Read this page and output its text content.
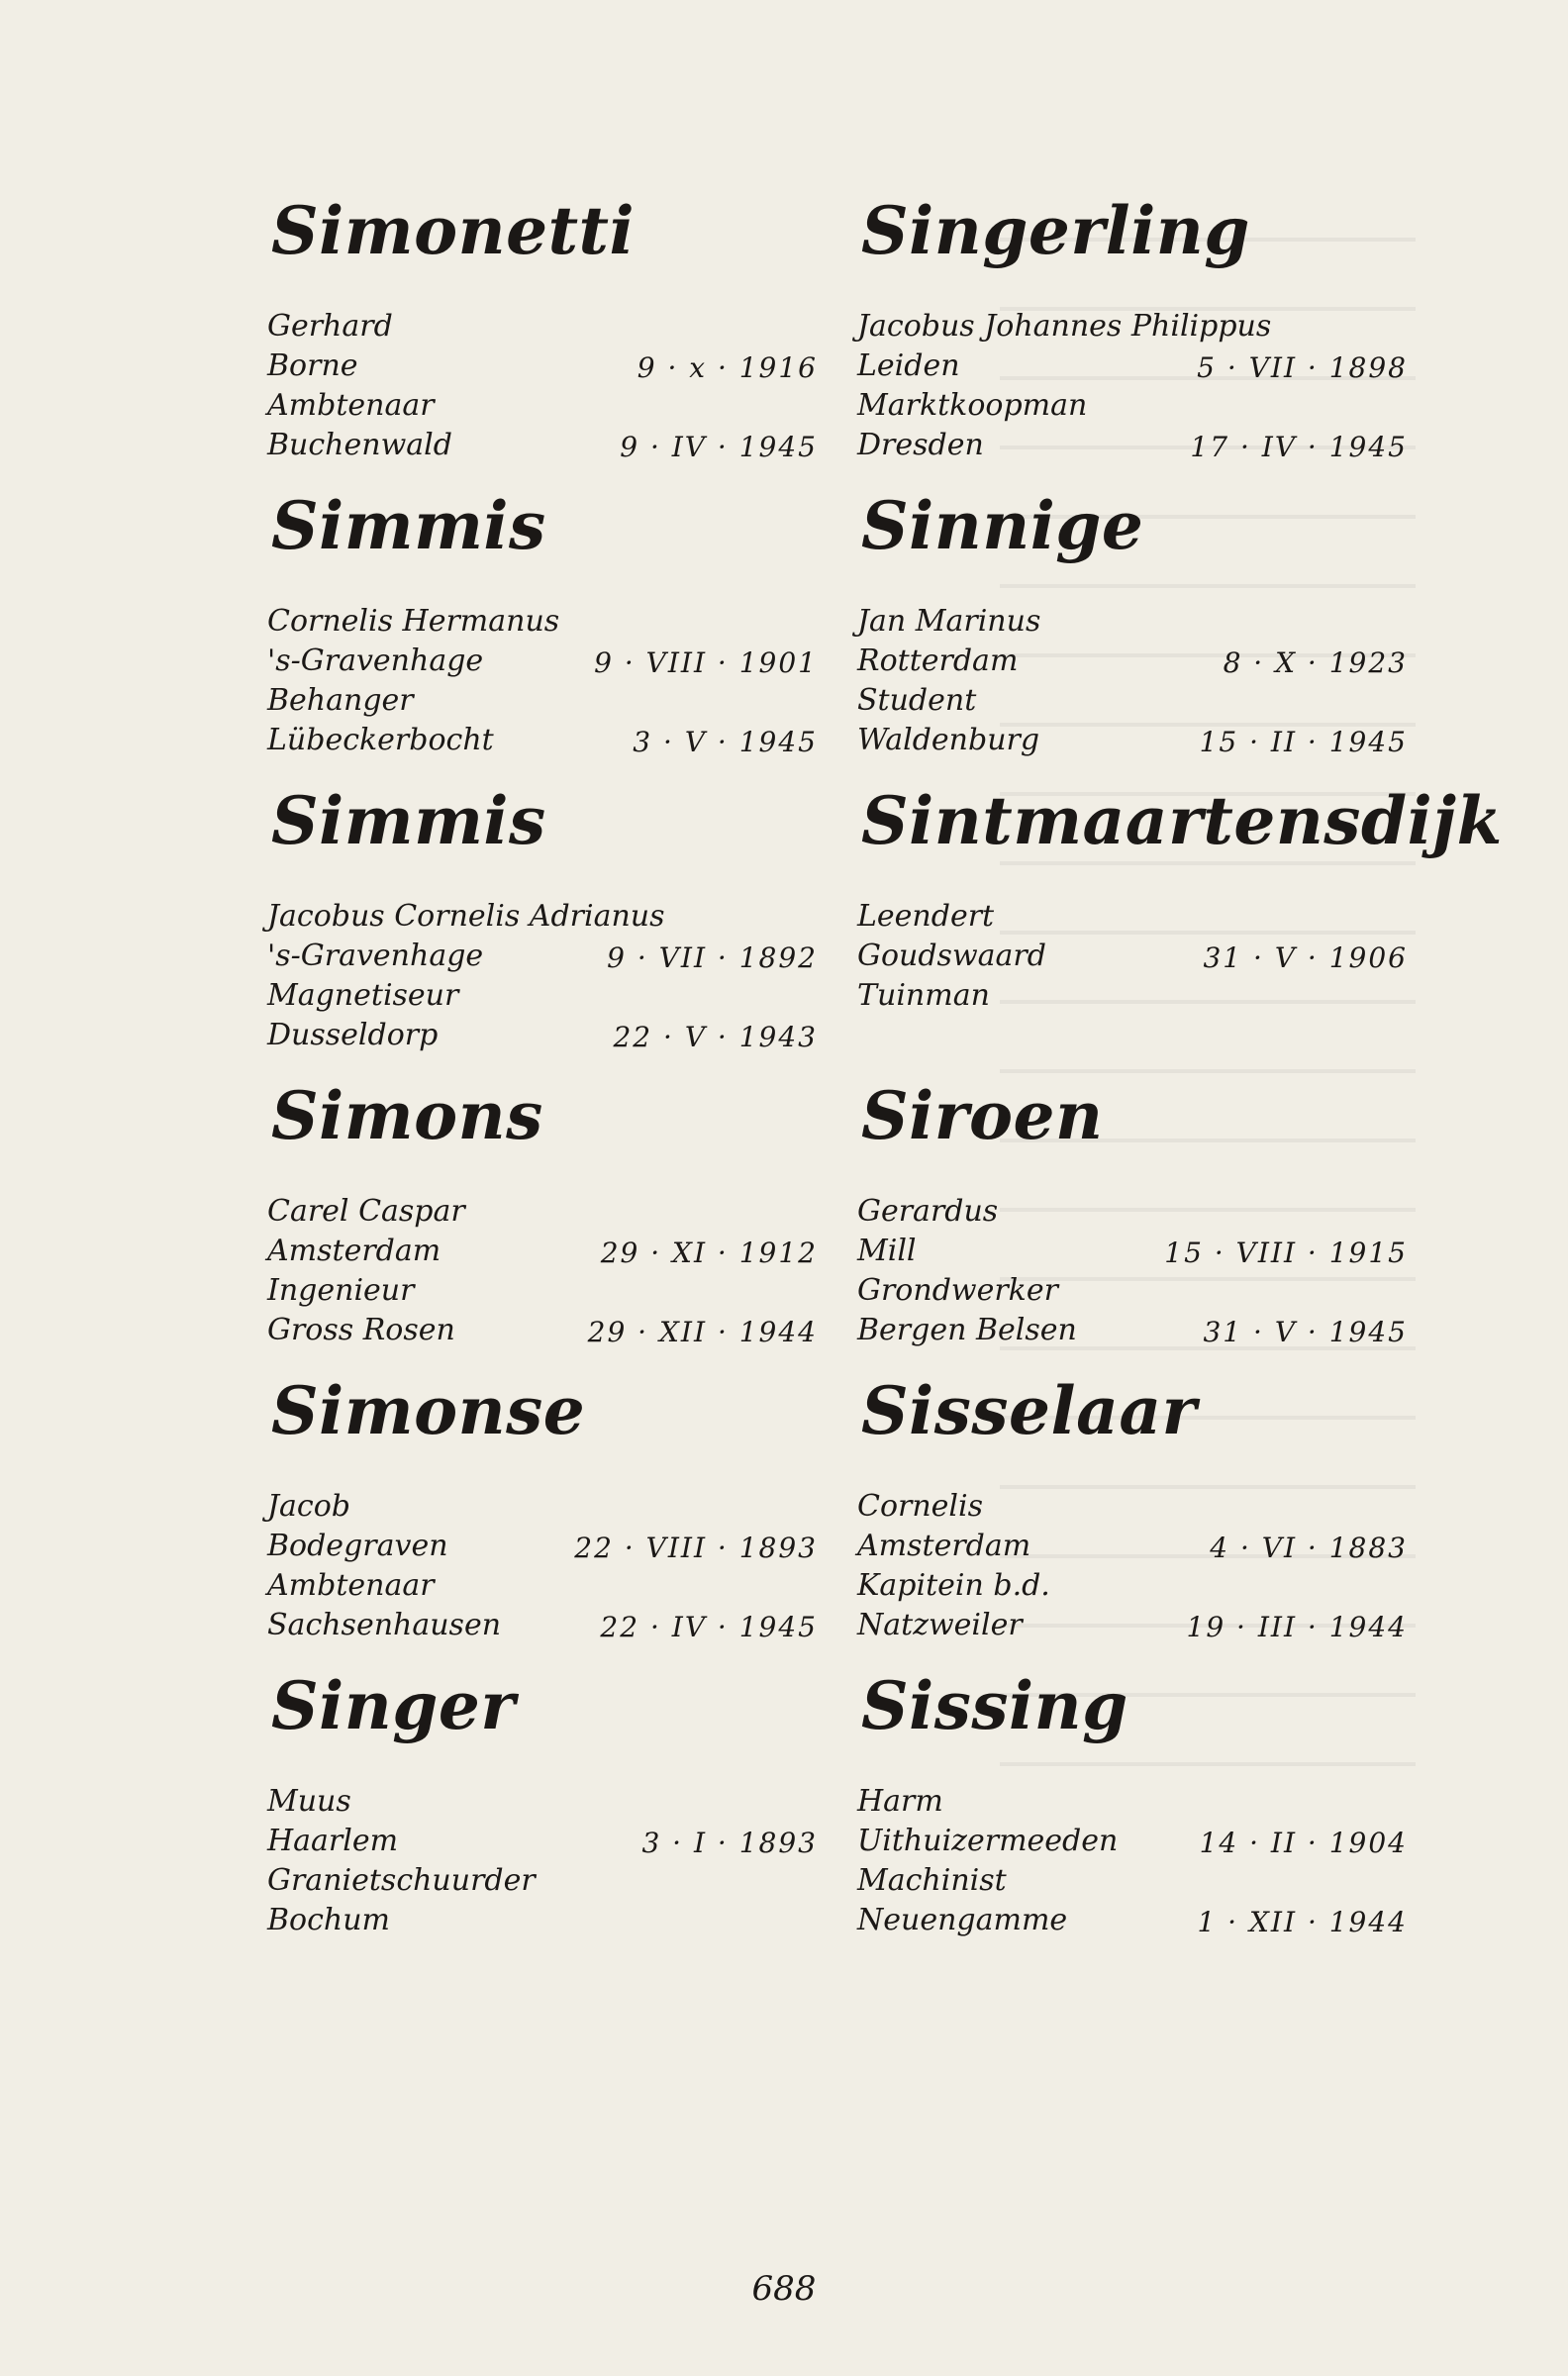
Simonetti
Gerhard
Borne	9 · x · 1916
Ambtenaar
Buchenwald	9 · IV · 1945
Simmis
Cornelis Hermanus
's-Gravenhage	9 · VIII · 1901
Behanger
Lübeckerbocht	3 · V · 1945
Simmis
Jacobus Cornelis Adrianus
's-Gravenhage	9 · VII · 1892
Magnetiseur
Dusseldorp	22 · V · 1943
Simons
Carel Caspar
Amsterdam	29 · XI · 1912
Ingenieur
Gross Rosen	29 · XII · 1944
Simonse
Jacob
Bodegraven	22 · VIII · 1893
Ambtenaar
Sachsenhausen	22 · IV · 1945
Singer
Muus
Haarlem	3 · I · 1893
Granietschuurder
Bochum
Singerling
Jacobus Johannes Philippus
Leiden	5 · VII · 1898
Marktkoopman
Dresden	17 · IV · 1945
Sinnige
Jan Marinus
Rotterdam	8 · X · 1923
Student
Waldenburg	15 · II · 1945
Sintmaartensdijk
Leendert
Goudswaard	31 · V · 1906
Tuinman
Siroen
Gerardus
Mill	15 · VIII · 1915
Grondwerker
Bergen Belsen	31 · V · 1945
Sisselaar
Cornelis
Amsterdam	4 · VI · 1883
Kapitein b.d.
Natzweiler	19 · III · 1944
Sissing
Harm
Uithuizermeeden	14 · II · 1904
Machinist
Neuengamme	1 · XII · 1944
688
